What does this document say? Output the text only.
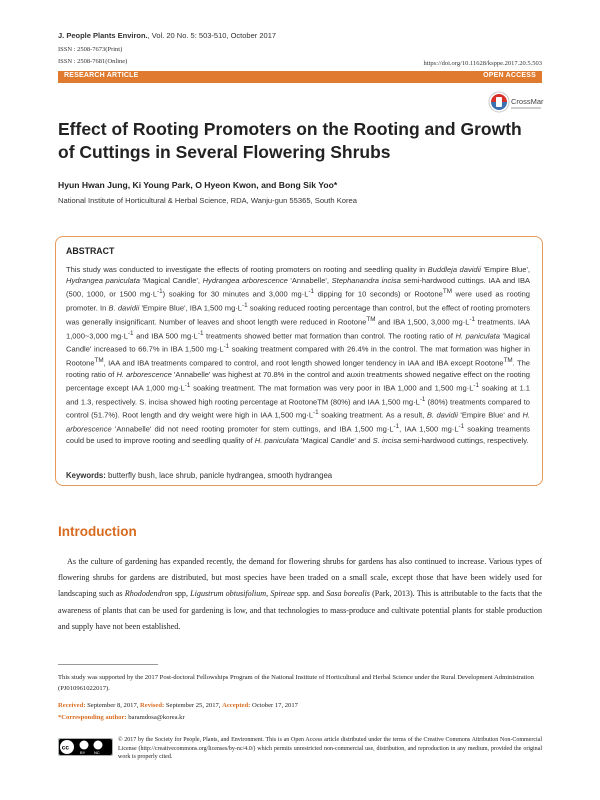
J. People Plants Environ., Vol. 20 No. 5: 503-510, October 2017
ISSN : 2508-7673(Print)
ISSN : 2508-7681(Online)	https://doi.org/10.11628/ksppe.2017.20.5.503
RESEARCH ARTICLE	OPEN ACCESS
CrossMark
Effect of Rooting Promoters on the Rooting and Growth of Cuttings in Several Flowering Shrubs
Hyun Hwan Jung, Ki Young Park, O Hyeon Kwon, and Bong Sik Yoo*
National Institute of Horticultural & Herbal Science, RDA, Wanju-gun 55365, South Korea
ABSTRACT
This study was conducted to investigate the effects of rooting promoters on rooting and seedling quality in Buddleja davidii 'Empire Blue', Hydrangea paniculata 'Magical Candle', Hydrangea arborescence 'Annabelle', Stephanandra incisa semi-hardwood cuttings. IAA and IBA (500, 1000, or 1500 $mg\cdot L^{-1}$) soaking for 30 minutes and 3,000 $mg\cdot L^{-1}$ dipping for 10 seconds) or Rootone™ were used as rooting promoter. In B. davidii 'Empire Blue', IBA 1,500 $mg\cdot L^{-1}$ soaking reduced rooting percentage than control, but the effect of rooting promoters was generally insignificant. Number of leaves and shoot length were reduced in Rootone™ and IBA 1,500, 3,000 $mg\cdot L^{-1}$ treatments. IAA 1,000~3,000 $mg\cdot L^{-1}$ and IBA 500 $mg\cdot L^{-1}$ treatments showed better mat formation than control. The rooting ratio of H. paniculata 'Magical Candle' increased to 66.7% in IBA 1,500 $mg\cdot L^{-1}$ soaking treatment compared with 26.4% in the control. The mat formation was higher in Rootone™, IAA and IBA treatments compared to control, and root length showed longer tendency in IAA and IBA except Rootone™. The rooting ratio of H. arborescence 'Annabelle' was highest at 70.8% in the control and auxin treatments showed negative effect on the rooting percentage except IAA 1,000 $mg\cdot L^{-1}$ soaking treatment. The mat formation was very poor in IBA 1,000 and 1,500 $mg\cdot L^{-1}$ soaking at 1.1 and 1.3, respectively. S. incisa showed high rooting percentage at RootoneTM (80%) and IAA 1,500 $mg\cdot L^{-1}$ (80%) treatments compared to control (51.7%). Root length and dry weight were high in IAA 1,500 $mg\cdot L^{-1}$ soaking treatment. As a result, B. davidii 'Empire Blue' and H. arborescence 'Annabelle' did not need rooting promoter for stem cuttings, and IBA 1,500 $mg\cdot L^{-1}$, IAA 1,500 $mg\cdot L^{-1}$ soaking treaments could be used to improve rooting and seedling quality of H. paniculata 'Magical Candle' and S. incisa semi-hardwood cuttings, respectively.
Keywords: butterfly bush, lace shrub, panicle hydrangea, smooth hydrangea
Introduction
As the culture of gardening has expanded recently, the demand for flowering shrubs for gardens has also continued to increase. Various types of flowering shrubs for gardens are distributed, but most species have been traded on a small scale, except those that have been widely used for landscaping such as Rhododendron spp, Ligustrum obtusifolium, Spireae spp. and Sasa borealis (Park, 2013). This is attributable to the facts that the awareness of plants that can be used for gardening is low, and that technologies to mass-produce and cultivate potential plants for stable production and supply have not been established.
This study was supported by the 2017 Post-doctoral Fellowships Program of the National Institute of Horticultural and Herbal Science under the Rural Development Administration (PJ010961022017).
Received: September 8, 2017, Revised: September 25, 2017, Accepted: October 17, 2017
*Corresponding author: baramdosa@korea.kr
cc
BY NC
© 2017 by the Society for People, Plants, and Environment. This is an Open Access article distributed under the terms of the Creative Commons Attribution Non-Commercial License (http://creativecommons.org/licenses/by-nc/4.0/) which permits unrestricted non-commercial use, distribution, and reproduction in any medium, provided the original work is properly cited.
